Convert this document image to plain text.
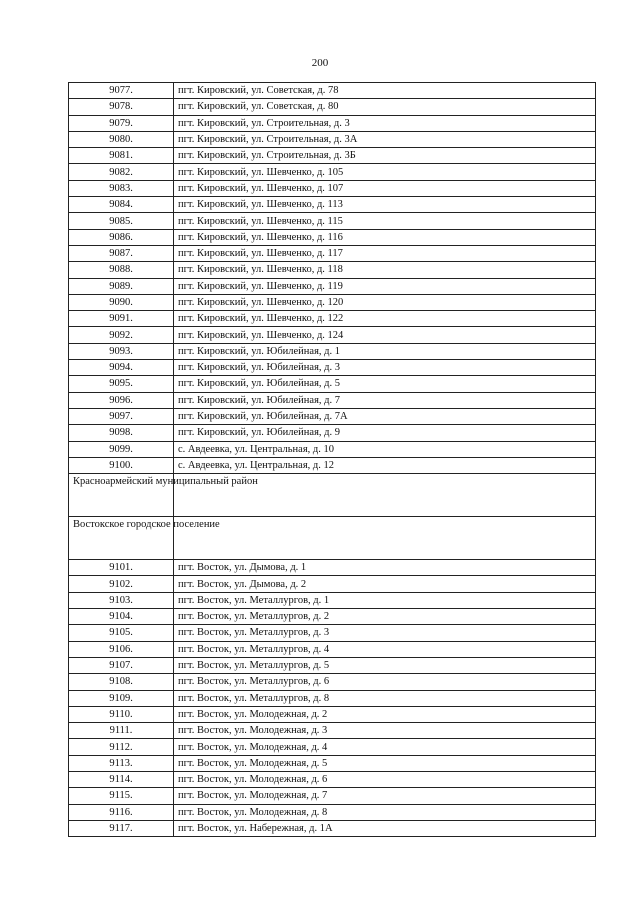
200
9077.	пгт. Кировский, ул. Советская, д. 78
9078.	пгт. Кировский, ул. Советская, д. 80
9079.	пгт. Кировский, ул. Строительная, д. 3
9080.	пгт. Кировский, ул. Строительная, д. 3А
9081.	пгт. Кировский, ул. Строительная, д. 3Б
9082.	пгт. Кировский, ул. Шевченко, д. 105
9083.	пгт. Кировский, ул. Шевченко, д. 107
9084.	пгт. Кировский, ул. Шевченко, д. 113
9085.	пгт. Кировский, ул. Шевченко, д. 115
9086.	пгт. Кировский, ул. Шевченко, д. 116
9087.	пгт. Кировский, ул. Шевченко, д. 117
9088.	пгт. Кировский, ул. Шевченко, д. 118
9089.	пгт. Кировский, ул. Шевченко, д. 119
9090.	пгт. Кировский, ул. Шевченко, д. 120
9091.	пгт. Кировский, ул. Шевченко, д. 122
9092.	пгт. Кировский, ул. Шевченко, д. 124
9093.	пгт. Кировский, ул. Юбилейная, д. 1
9094.	пгт. Кировский, ул. Юбилейная, д. 3
9095.	пгт. Кировский, ул. Юбилейная, д. 5
9096.	пгт. Кировский, ул. Юбилейная, д. 7
9097.	пгт. Кировский, ул. Юбилейная, д. 7А
9098.	пгт. Кировский, ул. Юбилейная, д. 9
9099.	с. Авдеевка, ул. Центральная, д. 10
9100.	с. Авдеевка, ул. Центральная, д. 12
Красноармейский муниципальный район	
Востокское городское поселение	
9101.	пгт. Восток, ул. Дымова, д. 1
9102.	пгт. Восток, ул. Дымова, д. 2
9103.	пгт. Восток, ул. Металлургов, д. 1
9104.	пгт. Восток, ул. Металлургов, д. 2
9105.	пгт. Восток, ул. Металлургов, д. 3
9106.	пгт. Восток, ул. Металлургов, д. 4
9107.	пгт. Восток, ул. Металлургов, д. 5
9108.	пгт. Восток, ул. Металлургов, д. 6
9109.	пгт. Восток, ул. Металлургов, д. 8
9110.	пгт. Восток, ул. Молодежная, д. 2
9111.	пгт. Восток, ул. Молодежная, д. 3
9112.	пгт. Восток, ул. Молодежная, д. 4
9113.	пгт. Восток, ул. Молодежная, д. 5
9114.	пгт. Восток, ул. Молодежная, д. 6
9115.	пгт. Восток, ул. Молодежная, д. 7
9116.	пгт. Восток, ул. Молодежная, д. 8
9117.	пгт. Восток, ул. Набережная, д. 1А
